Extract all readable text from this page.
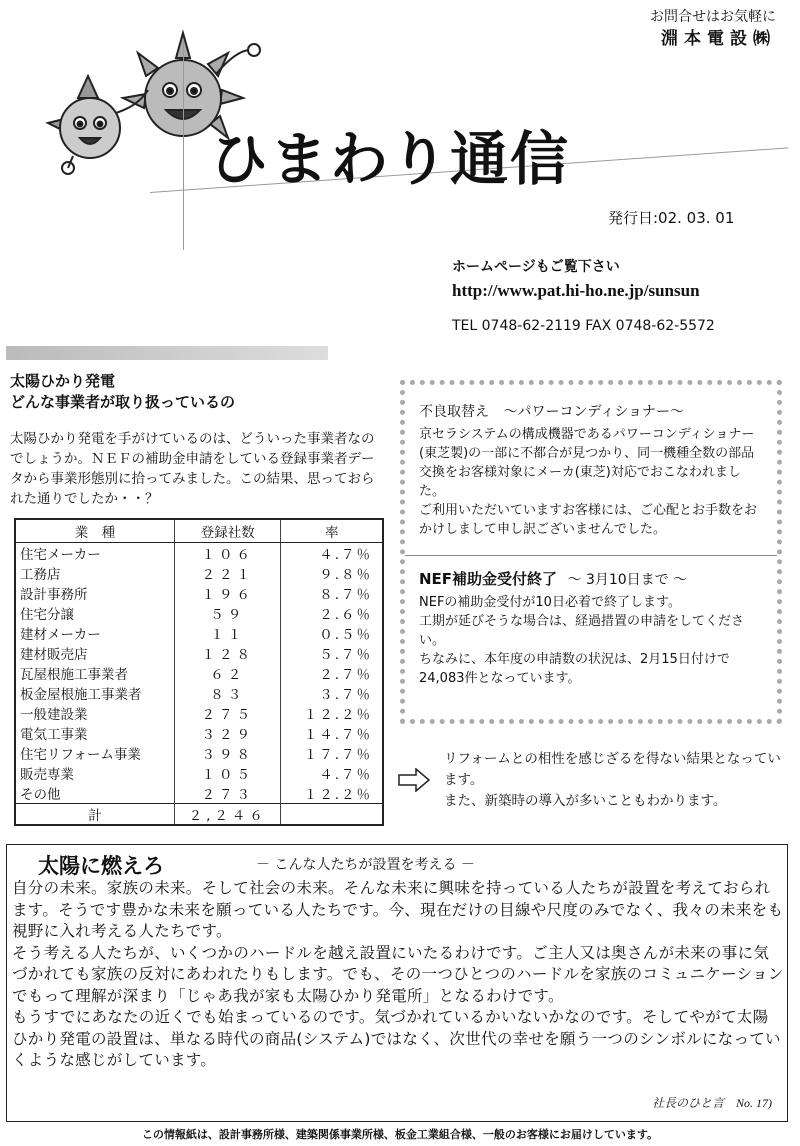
お問合せはお気軽に
淵本電設㈱
ひまわり通信
発行日:02. 03. 01
ホームページもご覧下さい
http://www.pat.hi-ho.ne.jp/sunsun
TEL 0748-62-2119 FAX 0748-62-5572
太陽ひかり発電
どんな事業者が取り扱っているの
太陽ひかり発電を手がけているのは、どういった事業者なのでしょうか。ＮＥＦの補助金申請をしている登録事業者データから事業形態別に拾ってみました。この結果、思っておられた通りでしたか・・？
業　種	登録社数	率
住宅メーカー	１０６	４.７％
工務店	２２１	９.８％
設計事務所	１９６	８.７％
住宅分譲	５９	２.６％
建材メーカー	１１	０.５％
建材販売店	１２８	５.７％
瓦屋根施工事業者	６２	２.７％
板金屋根施工事業者	８３	３.７％
一般建設業	２７５	１２.２％
電気工事業	３２９	１４.７％
住宅リフォーム事業	３９８	１７.７％
販売専業	１０５	４.７％
その他	２７３	１２.２％
計	２,２４６	
不良取替え ～パワーコンディショナー～

京セラシステムの構成機器であるパワーコンディショナー(東芝製)の一部に不都合が見つかり、同一機種全数の部品交換をお客様対象にメーカ(東芝)対応でおこなわれました。

ご利用いただいていますお客様には、ご心配とお手数をおかけしまして申し訳ございませんでした。

NEF補助金受付終了 ～ 3月10日まで ～

NEFの補助金受付が10日必着で終了します。

工期が延びそうな場合は、経過措置の申請をしてください。

ちなみに、本年度の申請数の状況は、2月15日付けで24,083件となっています。

リフォームとの相性を感じざるを得ない結果となっています。
また、新築時の導入が多いこともわかります。
太陽に燃えろ	－ こんな人たちが設置を考える －
自分の未来。家族の未来。そして社会の未来。そんな未来に興味を持っている人たちが設置を考えておられます。そうです豊かな未来を願っている人たちです。今、現在だけの目線や尺度のみでなく、我々の未来をも視野に入れ考える人たちです。
そう考える人たちが、いくつかのハードルを越え設置にいたるわけです。ご主人又は奥さんが未来の事に気づかれても家族の反対にあわれたりもします。でも、その一つひとつのハードルを家族のコミュニケーションでもって理解が深まり「じゃあ我が家も太陽ひかり発電所」となるわけです。
もうすでにあなたの近くでも始まっているのです。気づかれているかいないかなのです。そしてやがて太陽ひかり発電の設置は、単なる時代の商品(システム)ではなく、次世代の幸せを願う一つのシンボルになっていくような感じがしています。
社長のひと言　No. 17)
この情報紙は、設計事務所様、建築関係事業所様、板金工業組合様、一般のお客様にお届けしています。
